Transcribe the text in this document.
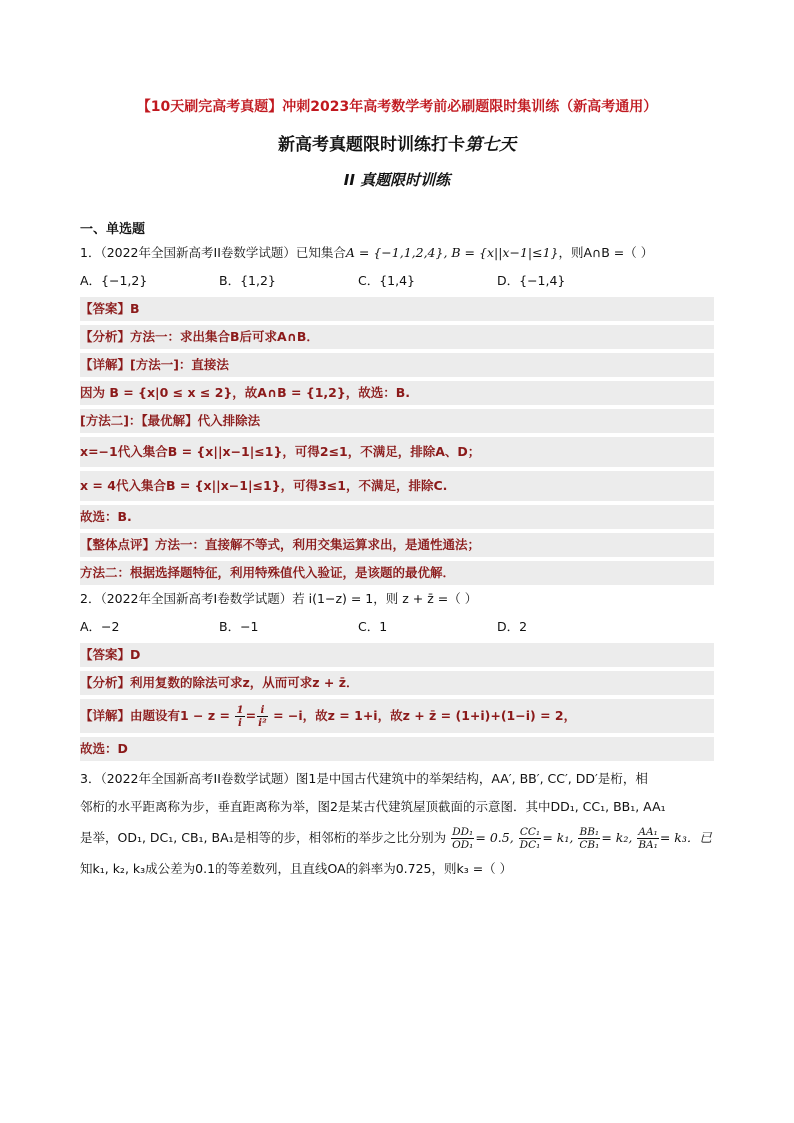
【10天刷完高考真题】冲刺2023年高考数学考前必刷题限时集训练（新高考通用）
新高考真题限时训练打卡第七天
II 真题限时训练
一、单选题
1．（2022年全国新高考II卷数学试题）已知集合A = {−1,1,2,4}, B = {x||x−1|≤1}，则A∩B =（ ）
A．{−1,2}	B．{1,2}	C．{1,4}	D．{−1,4}
【答案】B
【分析】方法一：求出集合B后可求A∩B．
【详解】[方法一]：直接法
因为 B = {x|0 ≤ x ≤ 2}，故A∩B = {1,2}，故选：B.
[方法二]：【最优解】代入排除法
x=−1代入集合B = {x||x−1|≤1}，可得2≤1，不满足，排除A、D；
x = 4代入集合B = {x||x−1|≤1}，可得3≤1，不满足，排除C.
故选：B.
【整体点评】方法一：直接解不等式，利用交集运算求出，是通性通法；
方法二：根据选择题特征，利用特殊值代入验证，是该题的最优解．
2．（2022年全国新高考I卷数学试题）若 i(1−z) = 1，则 z + z̄ =（ ）
A．−2	B．−1	C．1	D．2
【答案】D
【分析】利用复数的除法可求z，从而可求z + z̄．
【详解】由题设有$1 - z = \frac{1}{i} = \frac{i}{\text{i²}} = -i$，故z = 1+i，故z + z̄ = (1+i)+(1−i) = 2，
故选：D
3．（2022年全国新高考II卷数学试题）图1是中国古代建筑中的举架结构，AA′, BB′, CC′, DD′是桁，相
邻桁的水平距离称为步，垂直距离称为举，图2是某古代建筑屋顶截面的示意图．其中DD₁, CC₁, BB₁, AA₁
是举，OD₁, DC₁, CB₁, BA₁是相等的步，相邻桁的举步之比分别为 $\frac{\text{DD₁}}{\text{OD₁}} = 0.5$, $\frac{\text{CC₁}}{\text{DC₁}} = k_1$, $\frac{\text{BB₁}}{\text{CB₁}} = k_2$, $\frac{\text{AA₁}}{\text{BA₁}} = k_3$．已
知k₁, k₂, k₃成公差为0.1的等差数列，且直线OA的斜率为0.725，则k₃ =（ ）
